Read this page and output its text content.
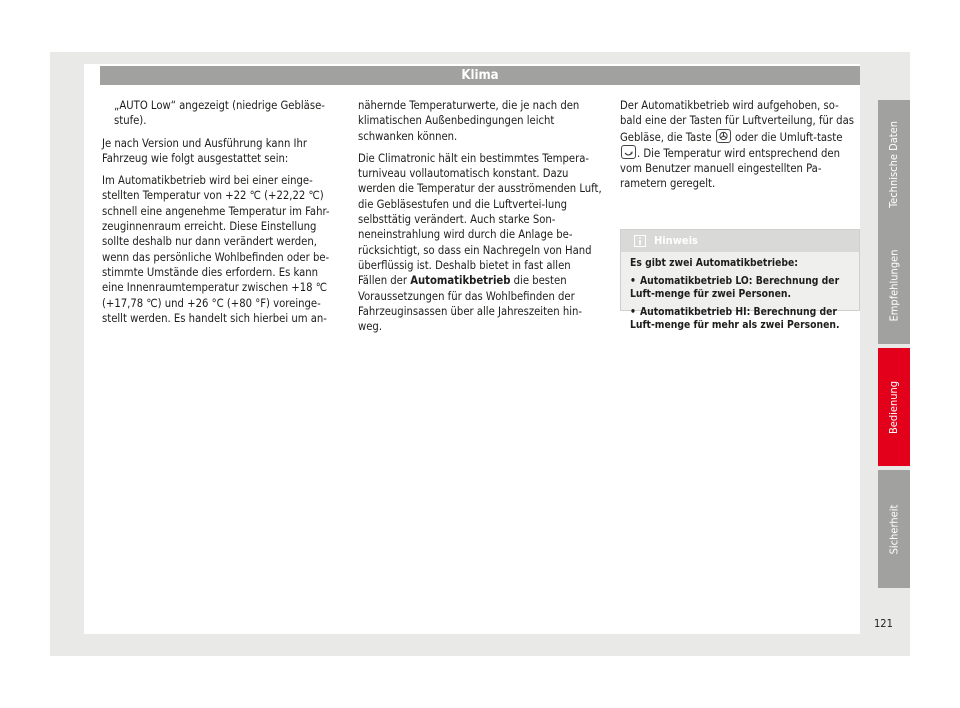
Klima

„AUTO Low“ angezeigt (niedrige Gebläse-stufe).

Je nach Version und Ausführung kann Ihr Fahrzeug wie folgt ausgestattet sein:

Im Automatikbetrieb wird bei einer einge-stellten Temperatur von +22 ℃ (+22,22 ℃) schnell eine angenehme Temperatur im Fahr-zeuginnenraum erreicht. Diese Einstellung sollte deshalb nur dann verändert werden, wenn das persönliche Wohlbefinden oder be-stimmte Umstände dies erfordern. Es kann eine Innenraumtemperatur zwischen +18 ℃ (+17,78 ℃) und +26 °C (+80 °F) voreinge-stellt werden. Es handelt sich hierbei um an-

nähernde Temperaturwerte, die je nach den klimatischen Außenbedingungen leicht schwanken können.

Die Climatronic hält ein bestimmtes Tempera-turniveau vollautomatisch konstant. Dazu werden die Temperatur der ausströmenden Luft, die Gebläsestufen und die Luftvertei-lung selbsttätig verändert. Auch starke Son-neneinstrahlung wird durch die Anlage be-rücksichtigt, so dass ein Nachregeln von Hand überflüssig ist. Deshalb bietet in fast allen Fällen der Automatikbetrieb die besten Voraussetzungen für das Wohlbefinden der Fahrzeuginsassen über alle Jahreszeiten hin-weg.

Der Automatikbetrieb wird aufgehoben, so-bald eine der Tasten für Luftverteilung, für das Gebläse, die Taste oder die Umluft-taste
. Die Temperatur wird entsprechend den vom Benutzer manuell eingestellten Pa-rametern geregelt.

Hinweis

Es gibt zwei Automatikbetriebe:

• Automatikbetrieb LO: Berechnung der Luft-menge für zwei Personen.

• Automatikbetrieb HI: Berechnung der Luft-menge für mehr als zwei Personen.

Technische Daten
Empfehlungen
Bedienung
Sicherheit
121
